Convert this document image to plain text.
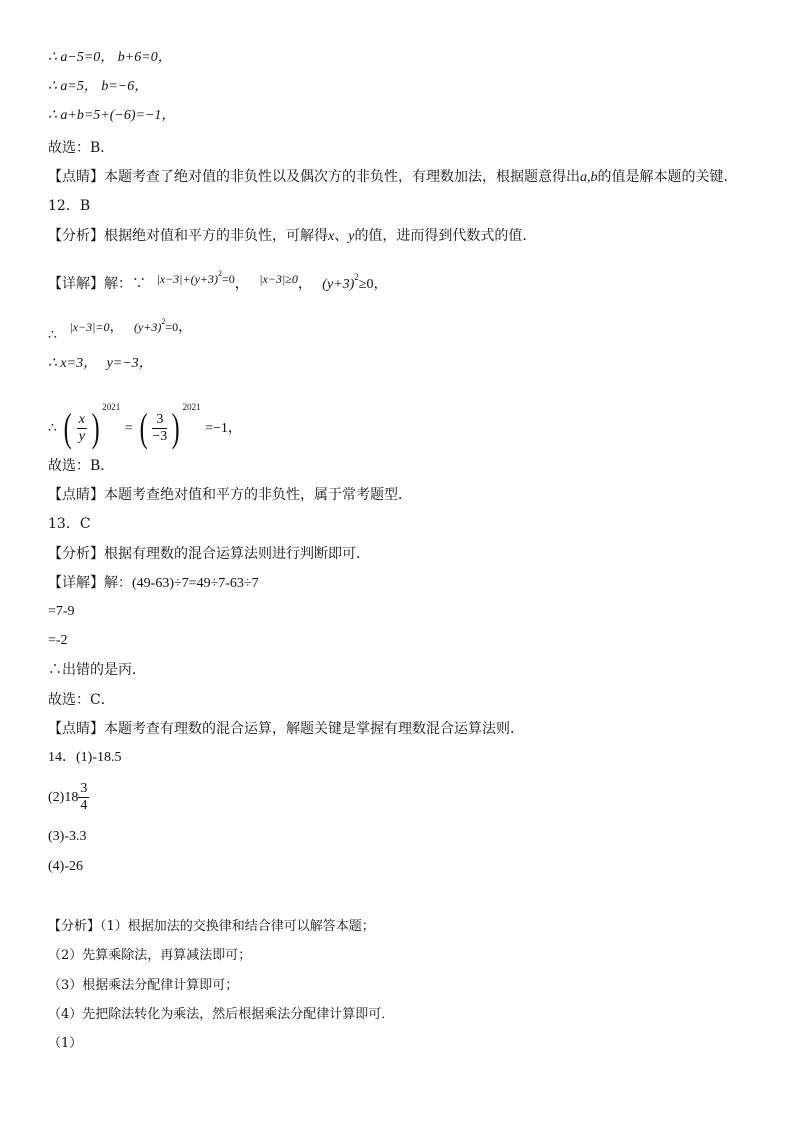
∴ a−5=0， b+6=0，
∴ a=5， b=−6，
∴ a+b=5+(−6)=−1，
故选：B．
【点睛】本题考查了绝对值的非负性以及偶次方的非负性，有理数加法，根据题意得出a,b的值是解本题的关键．
12．B
【分析】根据绝对值和平方的非负性，可解得x、y的值，进而得到代数式的值．
【详解】解：∵ $|x-3|+(y+3)^2=0$， |x−3|≥0， $(y+3)^2\ge 0$，
∴ |x−3|=0， $(y+3)^2=0$，
∴ x=3， y=−3，
∴ ( $\frac{x}{y}$ ) $^{2021}$ = ( $\frac{3}{-3}$ ) $^{2021}$ =−1，
故选：B．
【点睛】本题考查绝对值和平方的非负性，属于常考题型．
13．C
【分析】根据有理数的混合运算法则进行判断即可．
【详解】解：(49-63)÷7=49÷7-63÷7
=7-9
=-2
∴出错的是丙．
故选：C．
【点睛】本题考查有理数的混合运算，解题关键是掌握有理数混合运算法则．
14．(1)-18.5
$(2)18 \frac{3}{4}$
(3)-3.3
(4)-26
【分析】（1）根据加法的交换律和结合律可以解答本题；
（2）先算乘除法，再算减法即可；
（3）根据乘法分配律计算即可；
（4）先把除法转化为乘法，然后根据乘法分配律计算即可．
（1）
